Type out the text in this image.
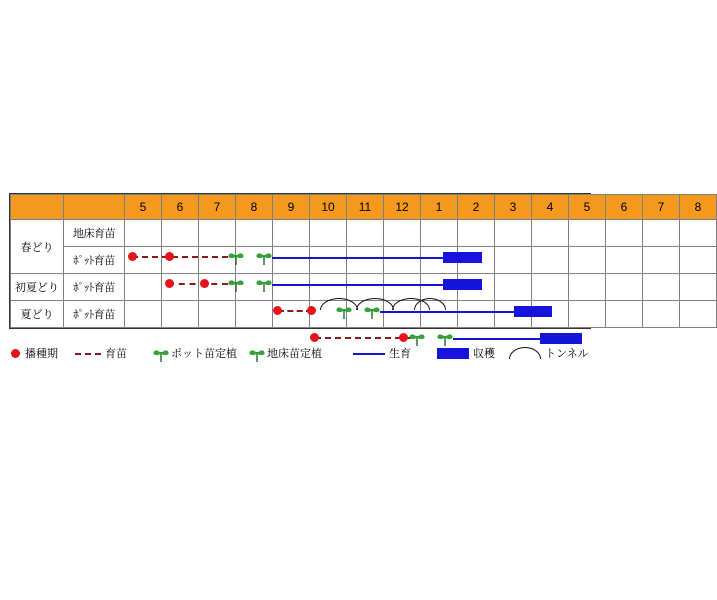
		5	6	7	8	9	10	11	12	1	2	3	4	5	6	7	8
春どり	地床育苗																
	ﾎﾟｯﾄ育苗																
初夏どり	ﾎﾟｯﾄ育苗																
夏どり	ﾎﾟｯﾄ育苗																
播種期	育苗	ポット苗定植	地床苗定植	生育	収穫	トンネル
